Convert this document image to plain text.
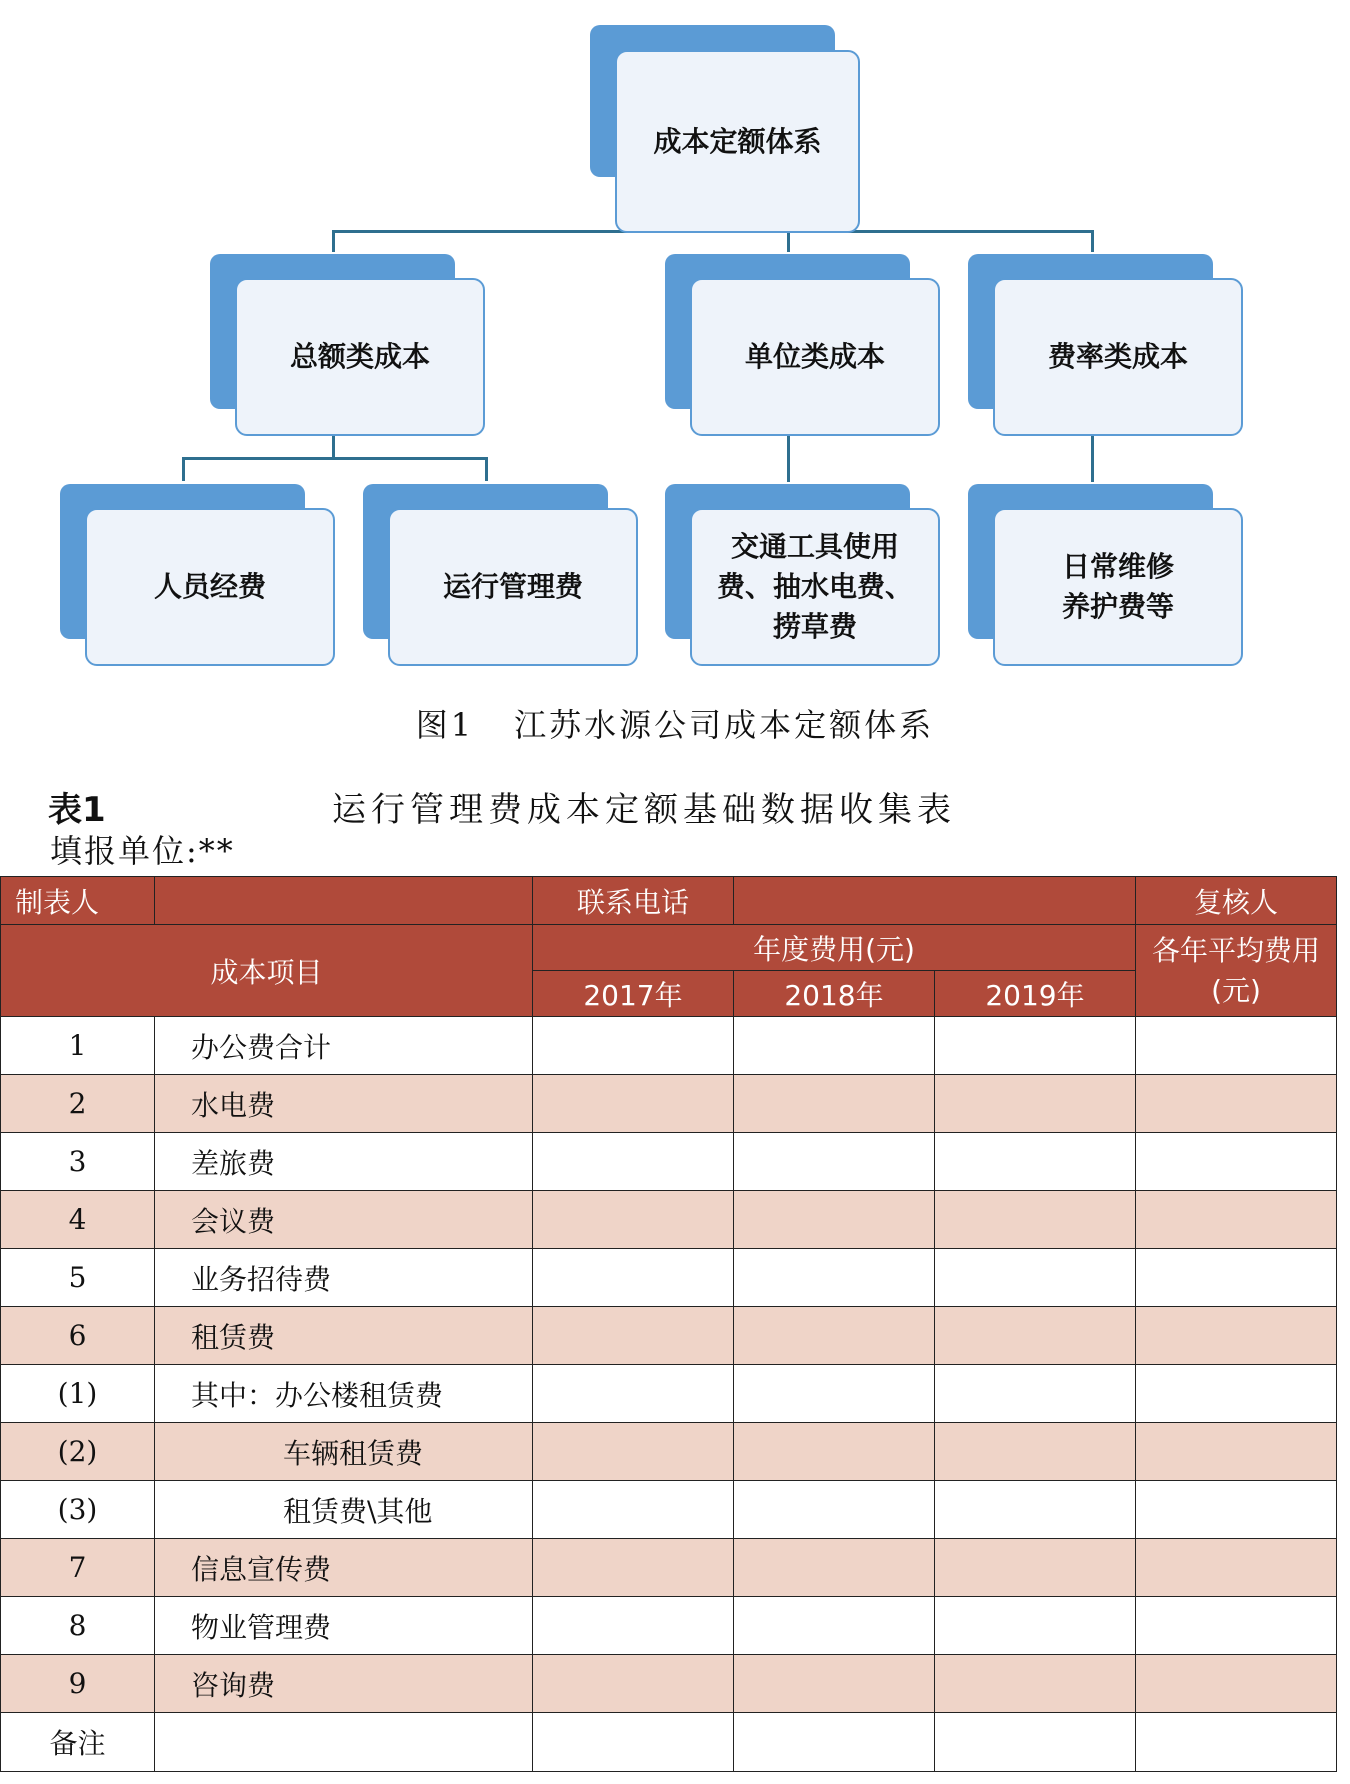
成本定额体系
总额类成本	单位类成本	费率类成本
人员经费	运行管理费
交通工具使用
费、抽水电费、
捞草费
日常维修
养护费等
图1 江苏水源公司成本定额体系
表1	运行管理费成本定额基础数据收集表
填报单位:**
制表人		联系电话			复核人
成本项目		年度费用(元)			各年平均费用
(元)

		2017年	2018年	2019年	
1	办公费合计				
2	水电费				
3	差旅费				
4	会议费				
5	业务招待费				
6	租赁费				
(1)	其中：办公楼租赁费				
(2)	车辆租赁费				
(3)	租赁费\其他				
7	信息宣传费				
8	物业管理费				
9	咨询费				
备注					
